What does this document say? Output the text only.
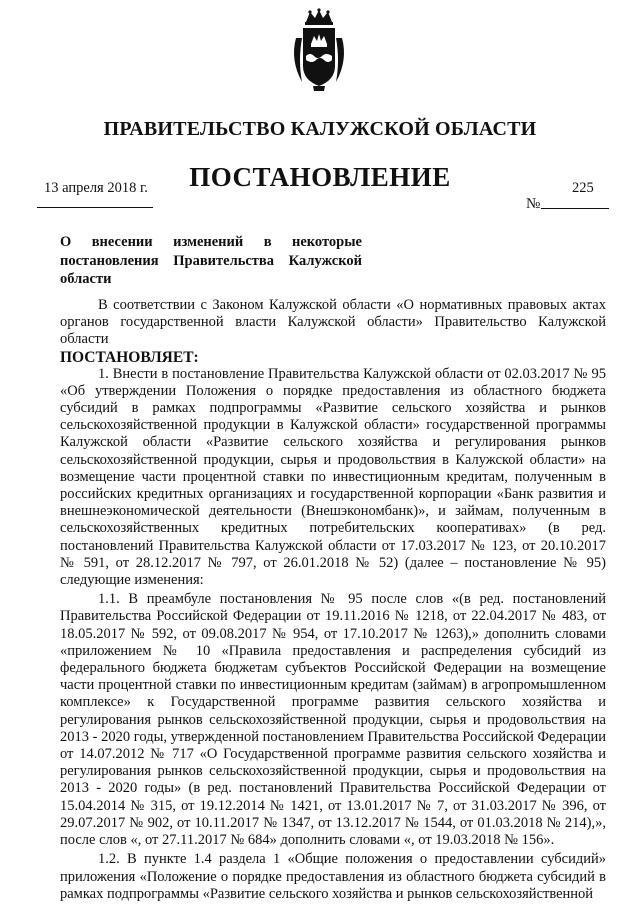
ПРАВИТЕЛЬСТВО КАЛУЖСКОЙ ОБЛАСТИ
ПОСТАНОВЛЕНИЕ
13 апреля 2018 г.
№
225
О внесении изменений в некоторые
постановления Правительства Калужской
области

В соответствии с Законом Калужской области «О нормативных правовых актах органов государственной власти Калужской области» Правительство Калужской области

ПОСТАНОВЛЯЕТ:

1. Внести в постановление Правительства Калужской области от 02.03.2017 № 95 «Об утверждении Положения о порядке предоставления из областного бюджета субсидий в рамках подпрограммы «Развитие сельского хозяйства и рынков сельскохозяйственной продукции в Калужской области» государственной программы Калужской области «Развитие сельского хозяйства и регулирования рынков сельскохозяйственной продукции, сырья и продовольствия в Калужской области» на возмещение части процентной ставки по инвестиционным кредитам, полученным в российских кредитных организациях и государственной корпорации «Банк развития и внешнеэкономической деятельности (Внешэкономбанк)», и займам, полученным в сельскохозяйственных кредитных потребительских кооперативах» (в ред. постановлений Правительства Калужской области от 17.03.2017 № 123, от 20.10.2017 № 591, от 28.12.2017 № 797, от 26.01.2018 № 52) (далее – постановление № 95) следующие изменения:

1.1. В преамбуле постановления № 95 после слов «(в ред. постановлений Правительства Российской Федерации от 19.11.2016 № 1218, от 22.04.2017 № 483, от 18.05.2017 № 592, от 09.08.2017 № 954, от 17.10.2017 № 1263),» дополнить словами «приложением № 10 «Правила предоставления и распределения субсидий из федерального бюджета бюджетам субъектов Российской Федерации на возмещение части процентной ставки по инвестиционным кредитам (займам) в агропромышленном комплексе» к Государственной программе развития сельского хозяйства и регулирования рынков сельскохозяйственной продукции, сырья и продовольствия на 2013 - 2020 годы, утвержденной постановлением Правительства Российской Федерации от 14.07.2012 № 717 «О Государственной программе развития сельского хозяйства и регулирования рынков сельскохозяйственной продукции, сырья и продовольствия на 2013 - 2020 годы» (в ред. постановлений Правительства Российской Федерации от 15.04.2014 № 315, от 19.12.2014 № 1421, от 13.01.2017 № 7, от 31.03.2017 № 396, от 29.07.2017 № 902, от 10.11.2017 № 1347, от 13.12.2017 № 1544, от 01.03.2018 № 214),», после слов «, от 27.11.2017 № 684» дополнить словами «, от 19.03.2018 № 156».

1.2. В пункте 1.4 раздела 1 «Общие положения о предоставлении субсидий» приложения «Положение о порядке предоставления из областного бюджета субсидий в рамках подпрограммы «Развитие сельского хозяйства и рынков сельскохозяйственной
